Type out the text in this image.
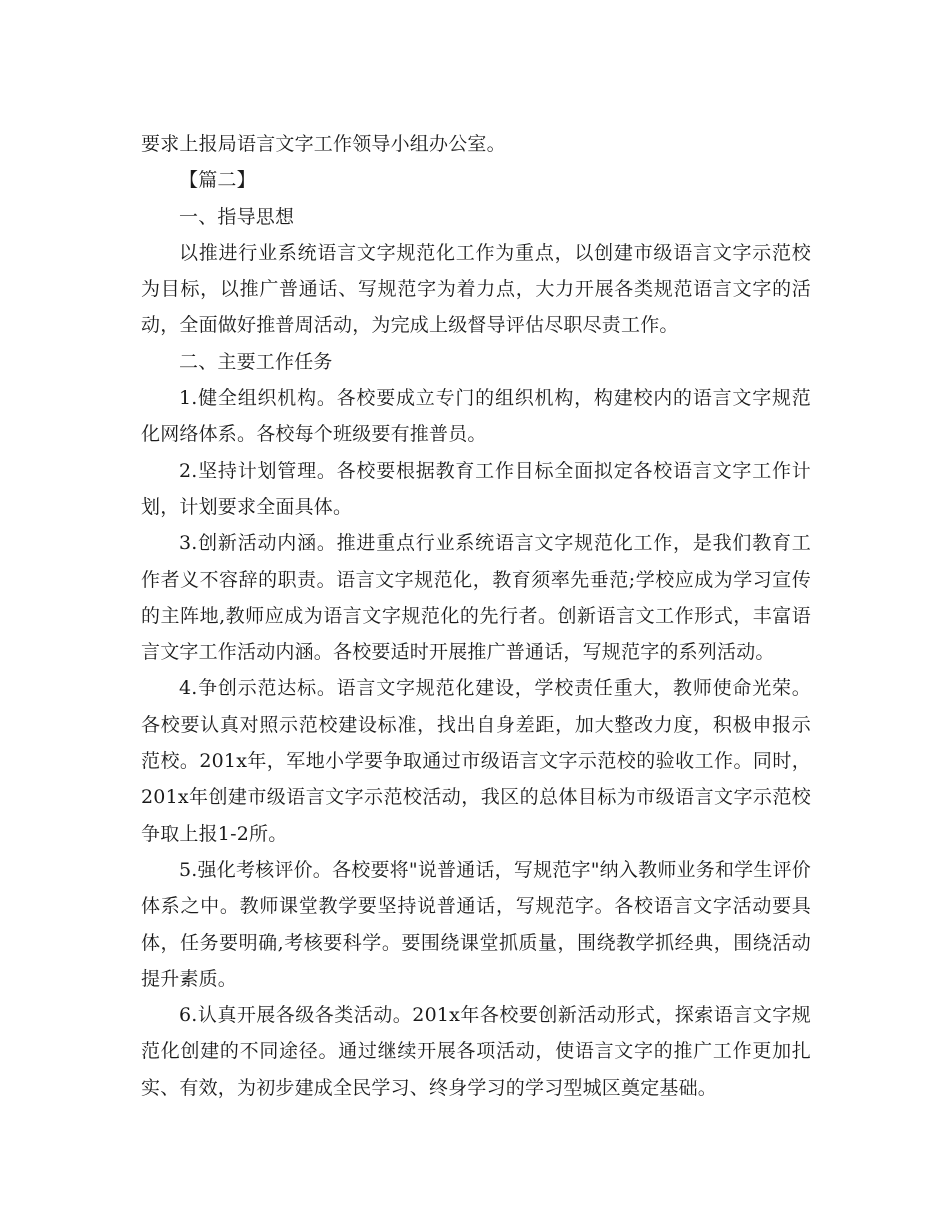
要求上报局语言文字工作领导小组办公室。

【篇二】

一、指导思想

以推进行业系统语言文字规范化工作为重点，以创建市级语言文字示范校为目标，以推广普通话、写规范字为着力点，大力开展各类规范语言文字的活动，全面做好推普周活动，为完成上级督导评估尽职尽责工作。

二、主要工作任务

1.健全组织机构。各校要成立专门的组织机构，构建校内的语言文字规范化网络体系。各校每个班级要有推普员。

2.坚持计划管理。各校要根据教育工作目标全面拟定各校语言文字工作计划，计划要求全面具体。

3.创新活动内涵。推进重点行业系统语言文字规范化工作，是我们教育工作者义不容辞的职责。语言文字规范化，教育须率先垂范;学校应成为学习宣传的主阵地,教师应成为语言文字规范化的先行者。创新语言文工作形式，丰富语言文字工作活动内涵。各校要适时开展推广普通话，写规范字的系列活动。

4.争创示范达标。语言文字规范化建设，学校责任重大，教师使命光荣。各校要认真对照示范校建设标准，找出自身差距，加大整改力度，积极申报示范校。201x年，军地小学要争取通过市级语言文字示范校的验收工作。同时，201x年创建市级语言文字示范校活动，我区的总体目标为市级语言文字示范校争取上报1-2所。

5.强化考核评价。各校要将"说普通话，写规范字"纳入教师业务和学生评价体系之中。教师课堂教学要坚持说普通话，写规范字。各校语言文字活动要具体，任务要明确,考核要科学。要围绕课堂抓质量，围绕教学抓经典，围绕活动提升素质。

6.认真开展各级各类活动。201x年各校要创新活动形式，探索语言文字规范化创建的不同途径。通过继续开展各项活动，使语言文字的推广工作更加扎实、有效，为初步建成全民学习、终身学习的学习型城区奠定基础。
